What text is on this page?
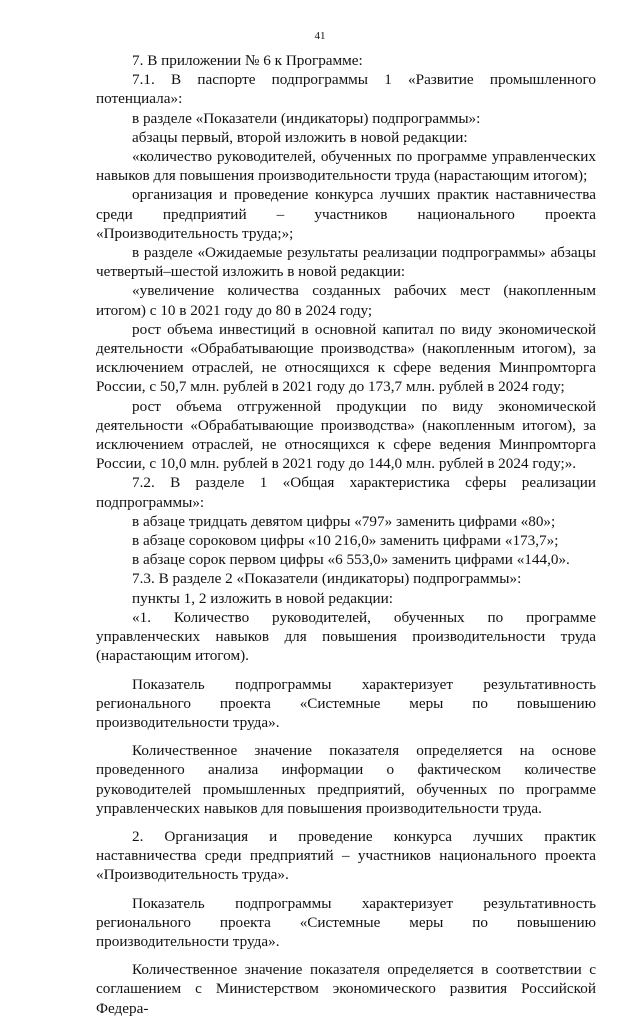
41

7. В приложении № 6 к Программе:

7.1. В паспорте подпрограммы 1 «Развитие промышленного потенциала»:

в разделе «Показатели (индикаторы) подпрограммы»:

абзацы первый, второй изложить в новой редакции:

«количество руководителей, обученных по программе управленческих навыков для повышения производительности труда (нарастающим итогом);

организация и проведение конкурса лучших практик наставничества среди предприятий – участников национального проекта «Производительность труда;»;

в разделе «Ожидаемые результаты реализации подпрограммы» абзацы четвертый–шестой изложить в новой редакции:

«увеличение количества созданных рабочих мест (накопленным итогом) с 10 в 2021 году до 80 в 2024 году;

рост объема инвестиций в основной капитал по виду экономической деятельности «Обрабатывающие производства» (накопленным итогом), за исключением отраслей, не относящихся к сфере ведения Минпромторга России, с 50,7 млн. рублей в 2021 году до 173,7 млн. рублей в 2024 году;

рост объема отгруженной продукции по виду экономической деятельности «Обрабатывающие производства» (накопленным итогом), за исключением отраслей, не относящихся к сфере ведения Минпромторга России, с 10,0 млн. рублей в 2021 году до 144,0 млн. рублей в 2024 году;».

7.2. В разделе 1 «Общая характеристика сферы реализации подпрограммы»:

в абзаце тридцать девятом цифры «797» заменить цифрами «80»;

в абзаце сороковом цифры «10 216,0» заменить цифрами «173,7»;

в абзаце сорок первом цифры «6 553,0» заменить цифрами «144,0».

7.3. В разделе 2 «Показатели (индикаторы) подпрограммы»:

пункты 1, 2 изложить в новой редакции:

«1. Количество руководителей, обученных по программе управленческих навыков для повышения производительности труда (нарастающим итогом).

Показатель подпрограммы характеризует результативность регионального проекта «Системные меры по повышению производительности труда».

Количественное значение показателя определяется на основе проведенного анализа информации о фактическом количестве руководителей промышленных предприятий, обученных по программе управленческих навыков для повышения производительности труда.

2. Организация и проведение конкурса лучших практик наставничества среди предприятий – участников национального проекта «Производительность труда».

Показатель подпрограммы характеризует результативность регионального проекта «Системные меры по повышению производительности труда».

Количественное значение показателя определяется в соответствии с соглашением с Министерством экономического развития Российской Федера-
